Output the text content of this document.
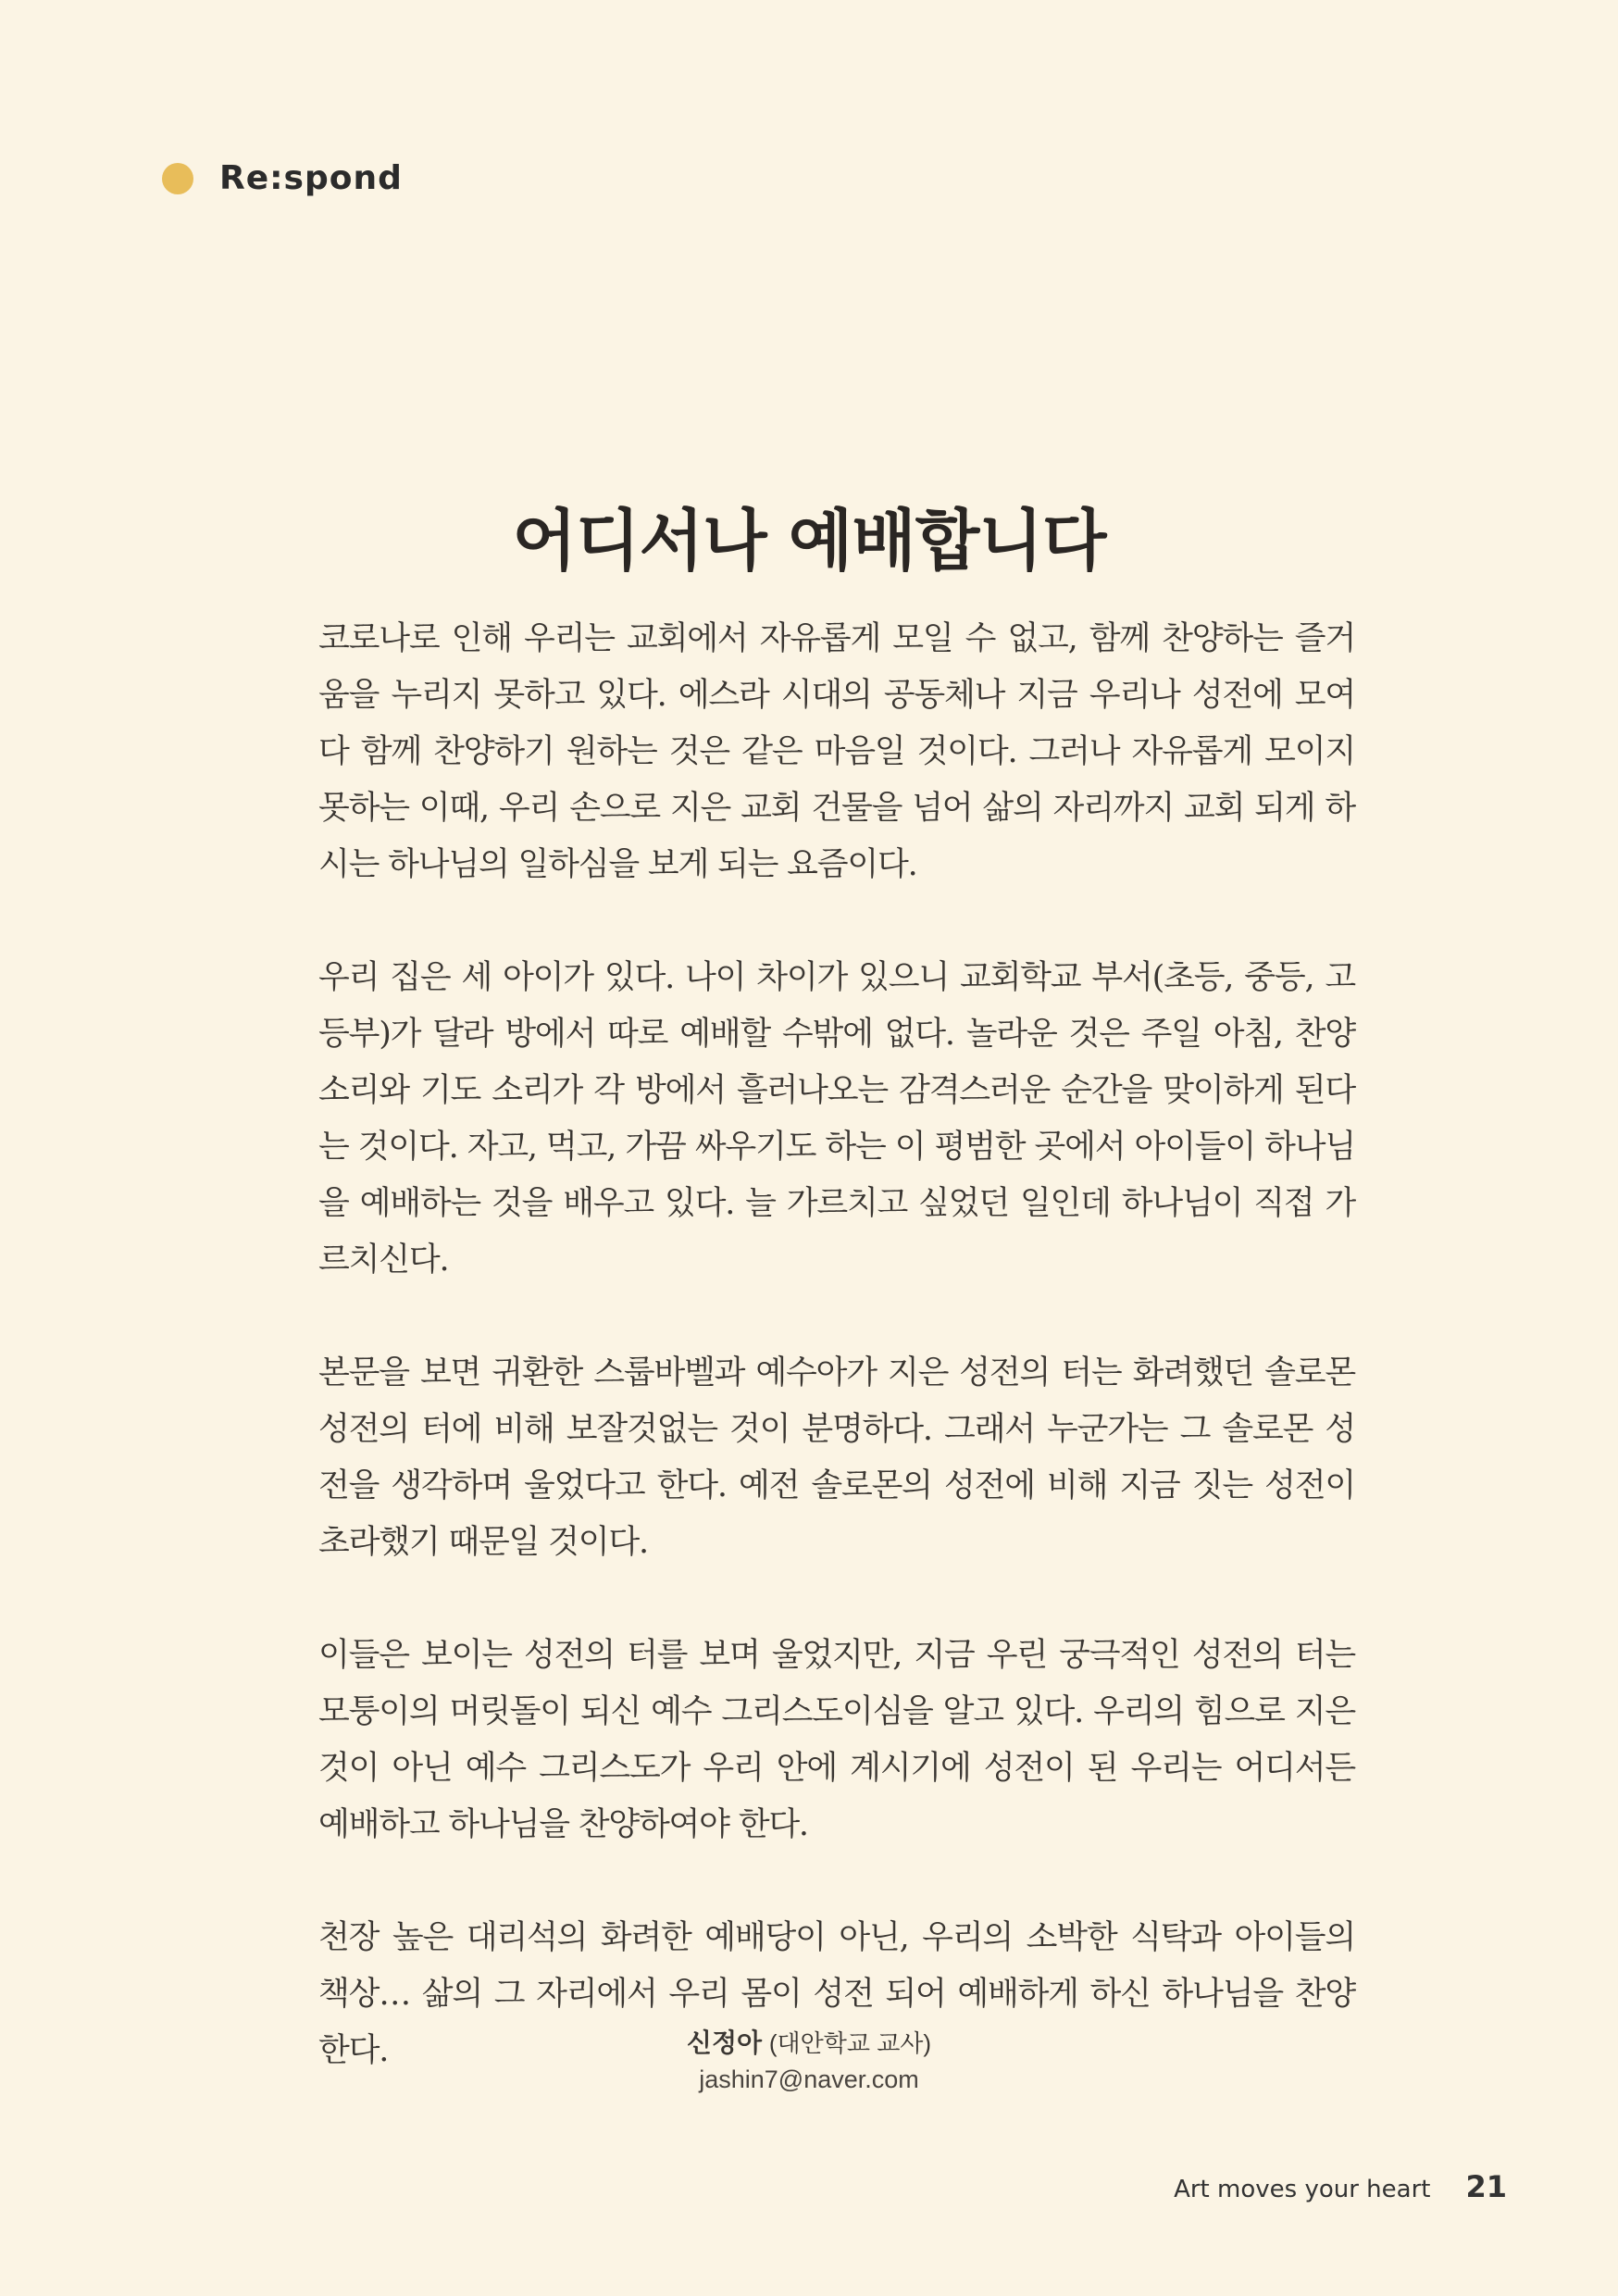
Re:spond
어디서나 예배합니다

코로나로 인해 우리는 교회에서 자유롭게 모일 수 없고, 함께 찬양하는 즐거움을 누리지 못하고 있다. 에스라 시대의 공동체나 지금 우리나 성전에 모여 다 함께 찬양하기 원하는 것은 같은 마음일 것이다. 그러나 자유롭게 모이지 못하는 이때, 우리 손으로 지은 교회 건물을 넘어 삶의 자리까지 교회 되게 하시는 하나님의 일하심을 보게 되는 요즘이다.

우리 집은 세 아이가 있다. 나이 차이가 있으니 교회학교 부서(초등, 중등, 고등부)가 달라 방에서 따로 예배할 수밖에 없다. 놀라운 것은 주일 아침, 찬양 소리와 기도 소리가 각 방에서 흘러나오는 감격스러운 순간을 맞이하게 된다는 것이다. 자고, 먹고, 가끔 싸우기도 하는 이 평범한 곳에서 아이들이 하나님을 예배하는 것을 배우고 있다. 늘 가르치고 싶었던 일인데 하나님이 직접 가르치신다.

본문을 보면 귀환한 스룹바벨과 예수아가 지은 성전의 터는 화려했던 솔로몬 성전의 터에 비해 보잘것없는 것이 분명하다. 그래서 누군가는 그 솔로몬 성전을 생각하며 울었다고 한다. 예전 솔로몬의 성전에 비해 지금 짓는 성전이 초라했기 때문일 것이다.

이들은 보이는 성전의 터를 보며 울었지만, 지금 우린 궁극적인 성전의 터는 모퉁이의 머릿돌이 되신 예수 그리스도이심을 알고 있다. 우리의 힘으로 지은 것이 아닌 예수 그리스도가 우리 안에 계시기에 성전이 된 우리는 어디서든 예배하고 하나님을 찬양하여야 한다.

천장 높은 대리석의 화려한 예배당이 아닌, 우리의 소박한 식탁과 아이들의 책상… 삶의 그 자리에서 우리 몸이 성전 되어 예배하게 하신 하나님을 찬양한다.	신정아 (대안학교 교사)
jashin7@naver.com
Art moves your heart 21
